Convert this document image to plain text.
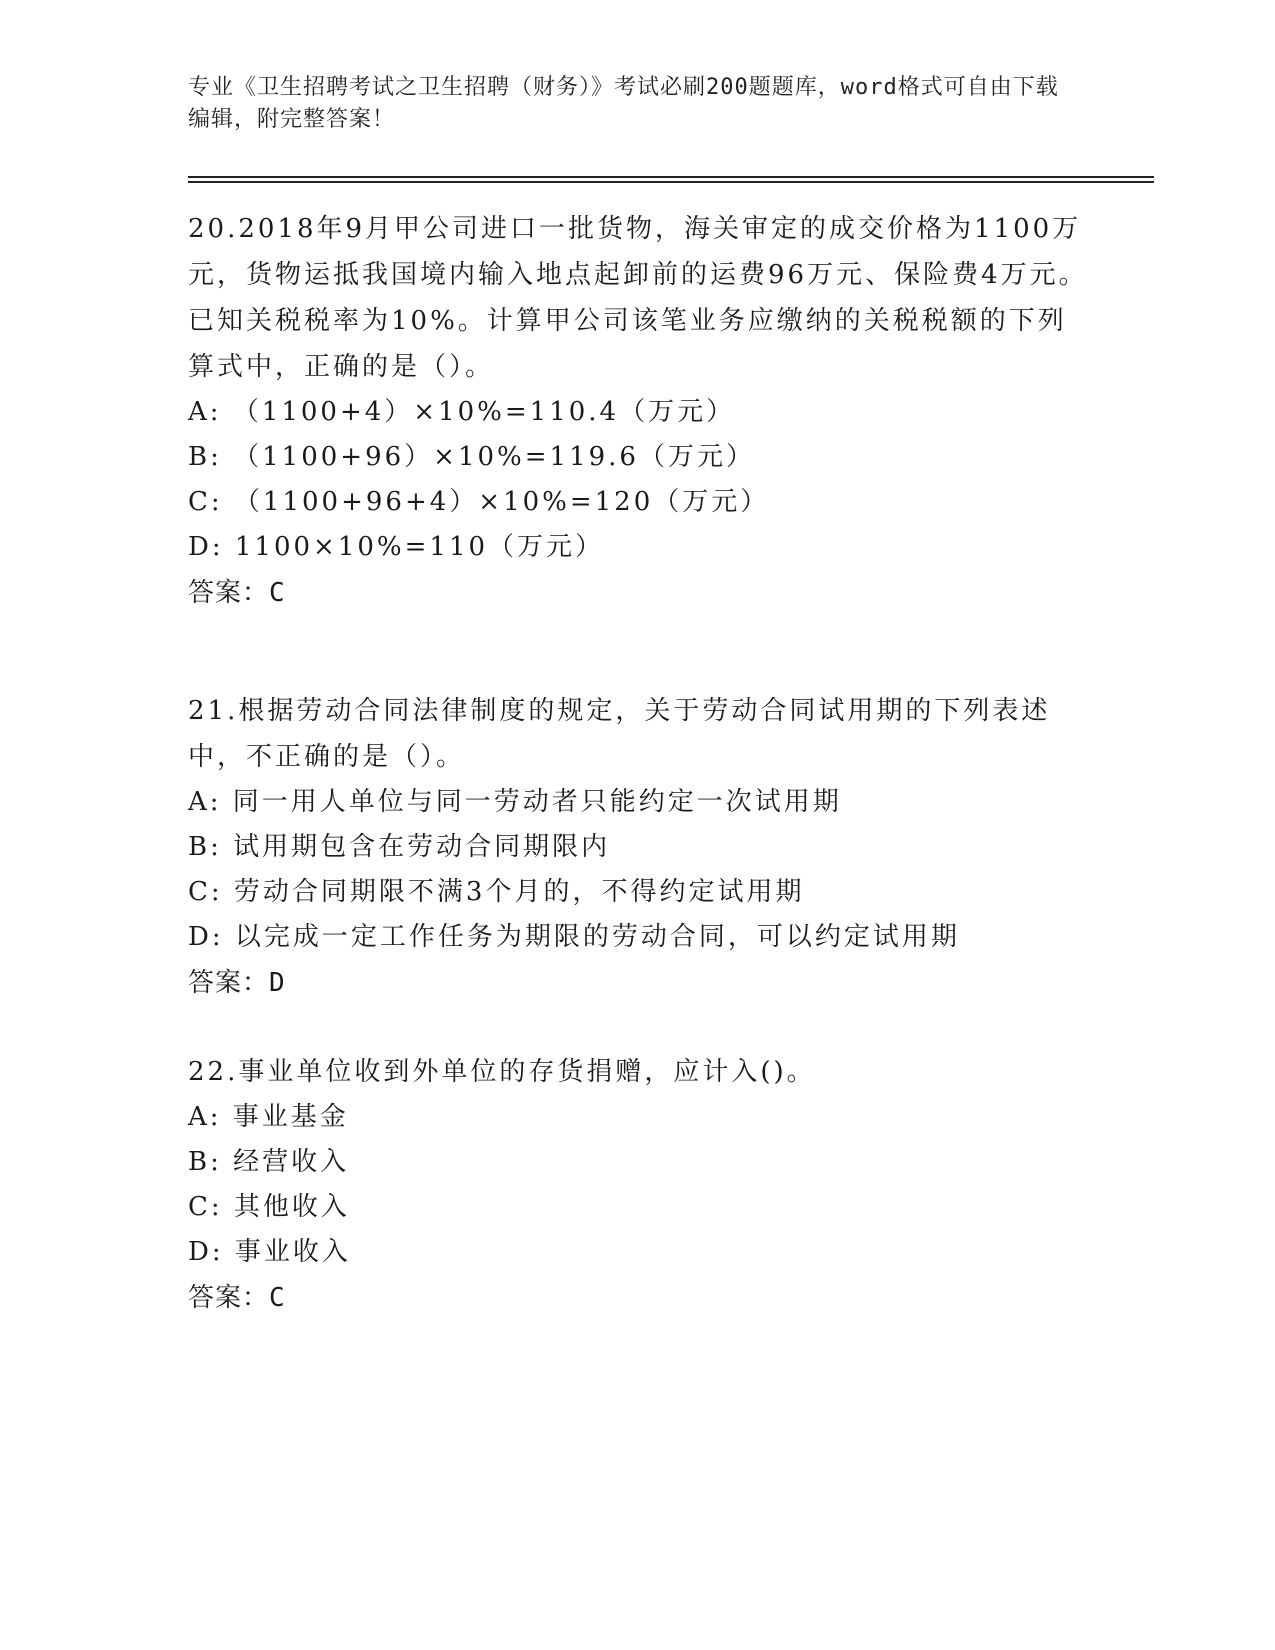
专业《卫生招聘考试之卫生招聘（财务）》考试必刷200题题库，word格式可自由下载编辑，附完整答案！

20.2018年9月甲公司进口一批货物，海关审定的成交价格为1100万元，货物运抵我国境内输入地点起卸前的运费96万元、保险费4万元。已知关税税率为10%。计算甲公司该笔业务应缴纳的关税税额的下列算式中，正确的是（）。

A: （1100+4）×10%=110.4（万元）

B: （1100+96）×10%=119.6（万元）

C: （1100+96+4）×10%=120（万元）

D: 1100×10%=110（万元）

答案：C

21.根据劳动合同法律制度的规定，关于劳动合同试用期的下列表述中，不正确的是（）。

A: 同一用人单位与同一劳动者只能约定一次试用期

B: 试用期包含在劳动合同期限内

C: 劳动合同期限不满3个月的，不得约定试用期

D: 以完成一定工作任务为期限的劳动合同，可以约定试用期

答案：D

22.事业单位收到外单位的存货捐赠，应计入()。

A: 事业基金

B: 经营收入

C: 其他收入

D: 事业收入

答案：C
